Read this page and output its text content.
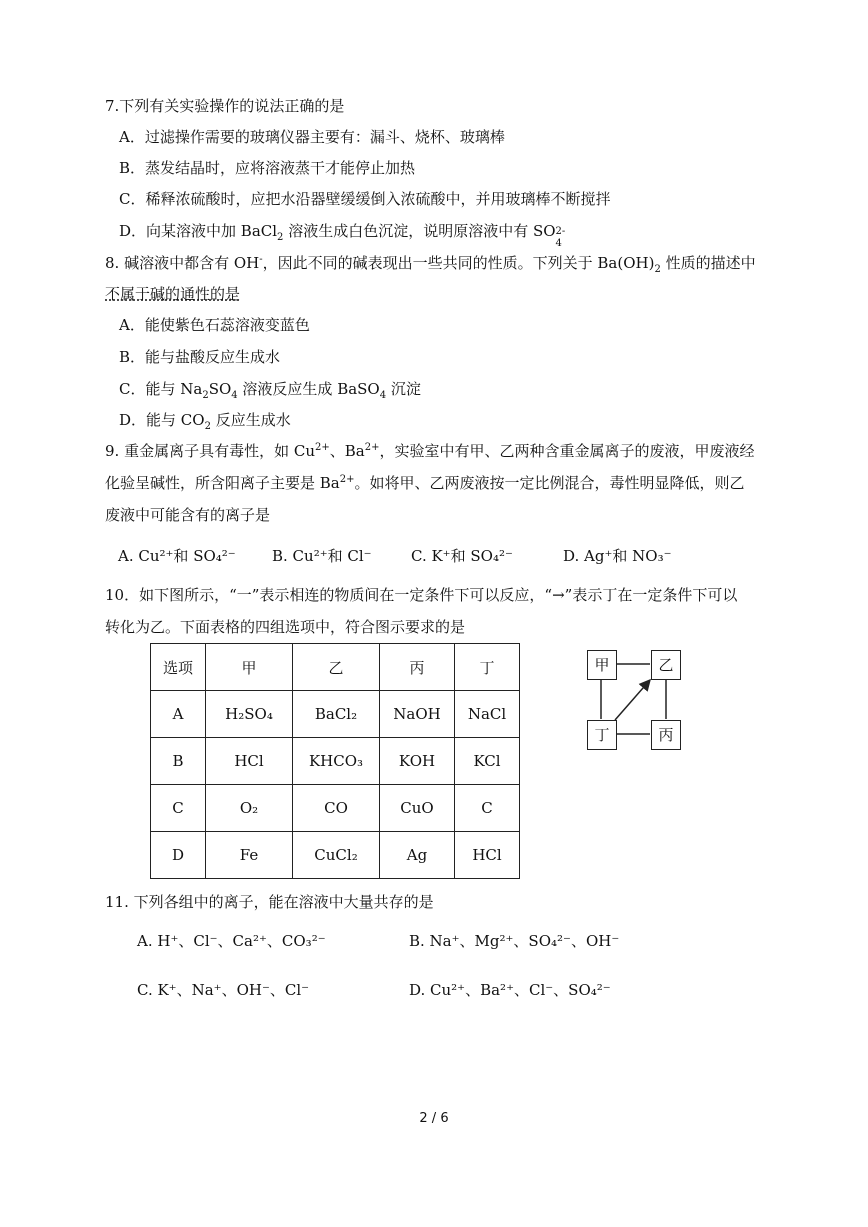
7.下列有关实验操作的说法正确的是
A．过滤操作需要的玻璃仪器主要有：漏斗、烧杯、玻璃棒
B．蒸发结晶时，应将溶液蒸干才能停止加热
C．稀释浓硫酸时，应把水沿器壁缓缓倒入浓硫酸中，并用玻璃棒不断搅拌
D．向某溶液中加 BaCl$_2$ 溶液生成白色沉淀，说明原溶液中有 SO 2-
4
8. 碱溶液中都含有 OH-，因此不同的碱表现出一些共同的性质。下列关于 $Ba(OH)_2$ 性质的描述中
不属于碱的通性的是
A．能使紫色石蕊溶液变蓝色
B．能与盐酸反应生成水
C．能与 $Na_2SO_4$ 溶液反应生成 BaSO$_4$ 沉淀
D．能与 $CO_2$ 反应生成水
9. 重金属离子具有毒性，如 $Cu^{2+}$、$Ba^{2+}$，实验室中有甲、乙两种含重金属离子的废液，甲废液经
化验呈碱性，所含阳离子主要是 $Ba^{2+}$。如将甲、乙两废液按一定比例混合，毒性明显降低，则乙
废液中可能含有的离子是
A. Cu²⁺和 SO₄²⁻ B. Cu²⁺和 Cl⁻	C. K⁺和 SO₄²⁻	D. Ag⁺和 NO₃⁻
10．如下图所示，“一”表示相连的物质间在一定条件下可以反应，“→”表示丁在一定条件下可以
转化为乙。下面表格的四组选项中，符合图示要求的是
选项	甲	乙	丙	丁
A	H₂SO₄	BaCl₂	NaOH	NaCl
B	HCl	KHCO₃	KOH	KCl
C	O₂	CO	CuO	C
D	Fe	CuCl₂	Ag	HCl
甲	乙
丁	丙
11. 下列各组中的离子，能在溶液中大量共存的是
A. H⁺、Cl⁻、Ca²⁺、CO₃²⁻	B. Na⁺、Mg²⁺、SO₄²⁻、OH⁻
C. K⁺、Na⁺、OH⁻、Cl⁻	D. Cu²⁺、Ba²⁺、Cl⁻、SO₄²⁻
2 / 6
